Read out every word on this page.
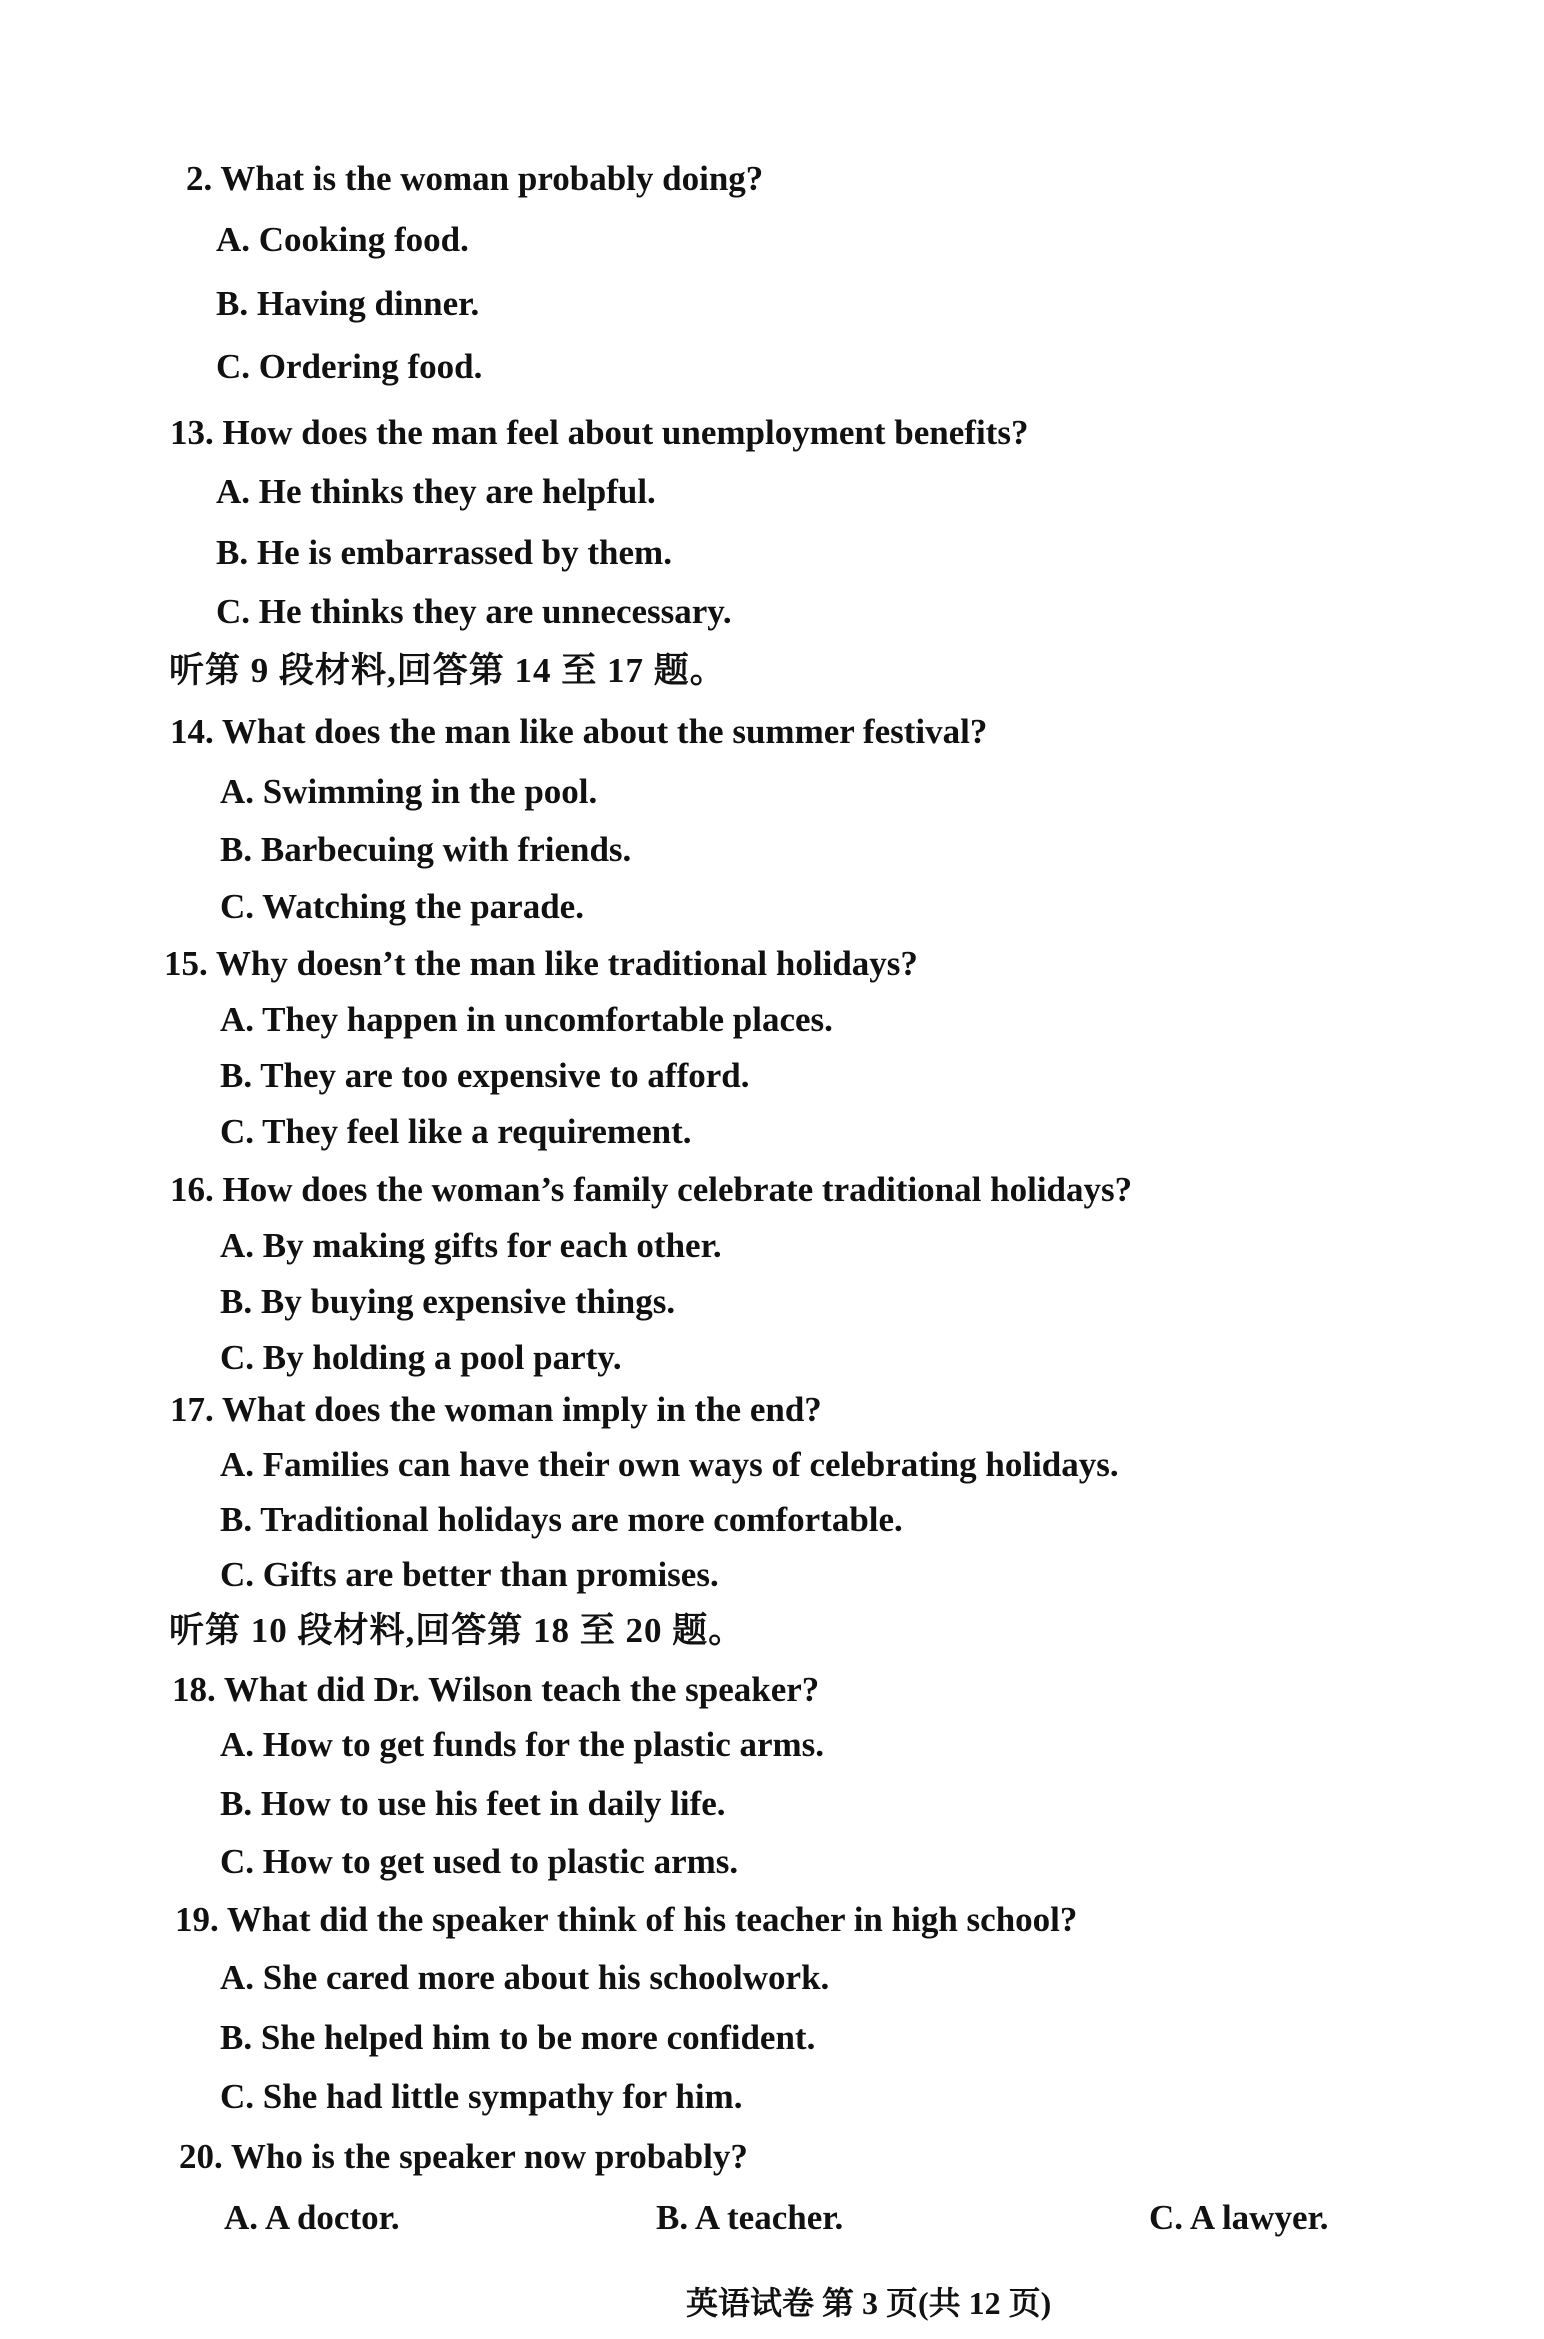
2. What is the woman probably doing?
A. Cooking food.
B. Having dinner.
C. Ordering food.
13. How does the man feel about unemployment benefits?
A. He thinks they are helpful.
B. He is embarrassed by them.
C. He thinks they are unnecessary.
听第 9 段材料,回答第 14 至 17 题。
14. What does the man like about the summer festival?
A. Swimming in the pool.
B. Barbecuing with friends.
C. Watching the parade.
15. Why doesn’t the man like traditional holidays?
A. They happen in uncomfortable places.
B. They are too expensive to afford.
C. They feel like a requirement.
16. How does the woman’s family celebrate traditional holidays?
A. By making gifts for each other.
B. By buying expensive things.
C. By holding a pool party.
17. What does the woman imply in the end?
A. Families can have their own ways of celebrating holidays.
B. Traditional holidays are more comfortable.
C. Gifts are better than promises.
听第 10 段材料,回答第 18 至 20 题。
18. What did Dr. Wilson teach the speaker?
A. How to get funds for the plastic arms.
B. How to use his feet in daily life.
C. How to get used to plastic arms.
19. What did the speaker think of his teacher in high school?
A. She cared more about his schoolwork.
B. She helped him to be more confident.
C. She had little sympathy for him.
20. Who is the speaker now probably?
A. A doctor.	B. A teacher.	C. A lawyer.
英语试卷 第 3 页(共 12 页)
